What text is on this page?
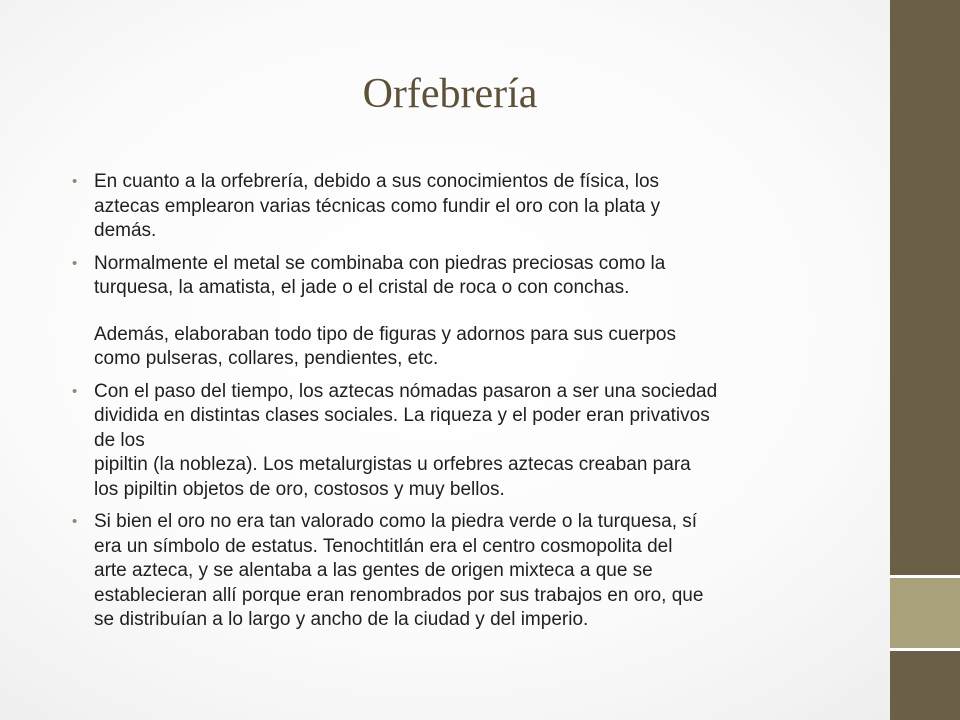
Orfebrería
• En cuanto a la orfebrería, debido a sus conocimientos de física, los
aztecas emplearon varias técnicas como fundir el oro con la plata y
demás.
• Normalmente el metal se combinaba con piedras preciosas como la
turquesa, la amatista, el jade o el cristal de roca o con conchas.

Además, elaboraban todo tipo de figuras y adornos para sus cuerpos
como pulseras, collares, pendientes, etc.
• Con el paso del tiempo, los aztecas nómadas pasaron a ser una sociedad
dividida en distintas clases sociales. La riqueza y el poder eran privativos
de los
pipiltin (la nobleza). Los metalurgistas u orfebres aztecas creaban para
los pipiltin objetos de oro, costosos y muy bellos.
• Si bien el oro no era tan valorado como la piedra verde o la turquesa, sí
era un símbolo de estatus. Tenochtitlán era el centro cosmopolita del
arte azteca, y se alentaba a las gentes de origen mixteca a que se
establecieran allí porque eran renombrados por sus trabajos en oro, que
se distribuían a lo largo y ancho de la ciudad y del imperio.
